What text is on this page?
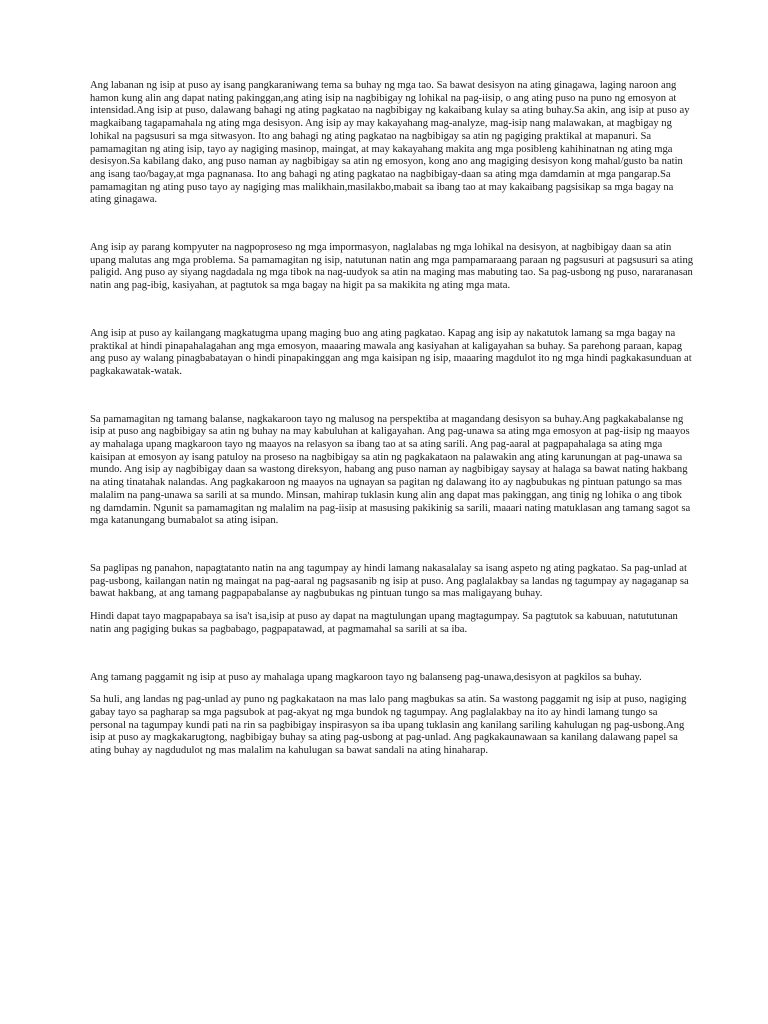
Ang labanan ng isip at puso ay isang pangkaraniwang tema sa buhay ng mga tao. Sa bawat desisyon na ating ginagawa, laging naroon ang hamon kung alin ang dapat nating pakinggan,ang ating isip na nagbibigay ng lohikal na pag-iisip, o ang ating puso na puno ng emosyon at intensidad.Ang isip at puso, dalawang bahagi ng ating pagkatao na nagbibigay ng kakaibang kulay sa ating buhay.Sa akin, ang isip at puso ay magkaibang tagapamahala ng ating mga desisyon. Ang isip ay may kakayahang mag-analyze, mag-isip nang malawakan, at magbigay ng lohikal na pagsusuri sa mga sitwasyon. Ito ang bahagi ng ating pagkatao na nagbibigay sa atin ng pagiging praktikal at mapanuri. Sa pamamagitan ng ating isip, tayo ay nagiging masinop, maingat, at may kakayahang makita ang mga posibleng kahihinatnan ng ating mga desisyon.Sa kabilang dako, ang puso naman ay nagbibigay sa atin ng emosyon, kong ano ang magiging desisyon kong mahal/gusto ba natin ang isang tao/bagay,at mga pagnanasa. Ito ang bahagi ng ating pagkatao na nagbibigay-daan sa ating mga damdamin at mga pangarap.Sa pamamagitan ng ating puso tayo ay nagiging mas malikhain,masilakbo,mabait sa ibang tao at may kakaibang pagsisikap sa mga bagay na ating ginagawa.

Ang isip ay parang kompyuter na nagpoproseso ng mga impormasyon, naglalabas ng mga lohikal na desisyon, at nagbibigay daan sa atin upang malutas ang mga problema. Sa pamamagitan ng isip, natutunan natin ang mga pampamaraang paraan ng pagsusuri at pagsusuri sa ating paligid. Ang puso ay siyang nagdadala ng mga tibok na nag-uudyok sa atin na maging mas mabuting tao. Sa pag-usbong ng puso, nararanasan natin ang pag-ibig, kasiyahan, at pagtutok sa mga bagay na higit pa sa makikita ng ating mga mata.

Ang isip at puso ay kailangang magkatugma upang maging buo ang ating pagkatao. Kapag ang isip ay nakatutok lamang sa mga bagay na praktikal at hindi pinapahalagahan ang mga emosyon, maaaring mawala ang kasiyahan at kaligayahan sa buhay. Sa parehong paraan, kapag ang puso ay walang pinagbabatayan o hindi pinapakinggan ang mga kaisipan ng isip, maaaring magdulot ito ng mga hindi pagkakasunduan at pagkakawatak-watak.

Sa pamamagitan ng tamang balanse, nagkakaroon tayo ng malusog na perspektiba at magandang desisyon sa buhay.Ang pagkakabalanse ng isip at puso ang nagbibigay sa atin ng buhay na may kabuluhan at kaligayahan. Ang pag-unawa sa ating mga emosyon at pag-iisip ng maayos ay mahalaga upang magkaroon tayo ng maayos na relasyon sa ibang tao at sa ating sarili. Ang pag-aaral at pagpapahalaga sa ating mga kaisipan at emosyon ay isang patuloy na proseso na nagbibigay sa atin ng pagkakataon na palawakin ang ating karunungan at pag-unawa sa mundo. Ang isip ay nagbibigay daan sa wastong direksyon, habang ang puso naman ay nagbibigay saysay at halaga sa bawat nating hakbang na ating tinatahak nalandas. Ang pagkakaroon ng maayos na ugnayan sa pagitan ng dalawang ito ay nagbubukas ng pintuan patungo sa mas malalim na pang-unawa sa sarili at sa mundo. Minsan, mahirap tuklasin kung alin ang dapat mas pakinggan, ang tinig ng lohika o ang tibok ng damdamin. Ngunit sa pamamagitan ng malalim na pag-iisip at masusing pakikinig sa sarili, maaari nating matuklasan ang tamang sagot sa mga katanungang bumabalot sa ating isipan.

Sa paglipas ng panahon, napagtatanto natin na ang tagumpay ay hindi lamang nakasalalay sa isang aspeto ng ating pagkatao. Sa pag-unlad at pag-usbong, kailangan natin ng maingat na pag-aaral ng pagsasanib ng isip at puso. Ang paglalakbay sa landas ng tagumpay ay nagaganap sa bawat hakbang, at ang tamang pagpapabalanse ay nagbubukas ng pintuan tungo sa mas maligayang buhay.

Hindi dapat tayo magpapabaya sa isa't isa,isip at puso ay dapat na magtulungan upang magtagumpay. Sa pagtutok sa kabuuan, natututunan natin ang pagiging bukas sa pagbabago, pagpapatawad, at pagmamahal sa sarili at sa iba.

Ang tamang paggamit ng isip at puso ay mahalaga upang magkaroon tayo ng balanseng pag-unawa,desisyon at pagkilos sa buhay.

Sa huli, ang landas ng pag-unlad ay puno ng pagkakataon na mas lalo pang magbukas sa atin. Sa wastong paggamit ng isip at puso, nagiging gabay tayo sa pagharap sa mga pagsubok at pag-akyat ng mga bundok ng tagumpay. Ang paglalakbay na ito ay hindi lamang tungo sa personal na tagumpay kundi pati na rin sa pagbibigay inspirasyon sa iba upang tuklasin ang kanilang sariling kahulugan ng pag-usbong.Ang isip at puso ay magkakarugtong, nagbibigay buhay sa ating pag-usbong at pag-unlad. Ang pagkakaunawaan sa kanilang dalawang papel sa ating buhay ay nagdudulot ng mas malalim na kahulugan sa bawat sandali na ating hinaharap.
